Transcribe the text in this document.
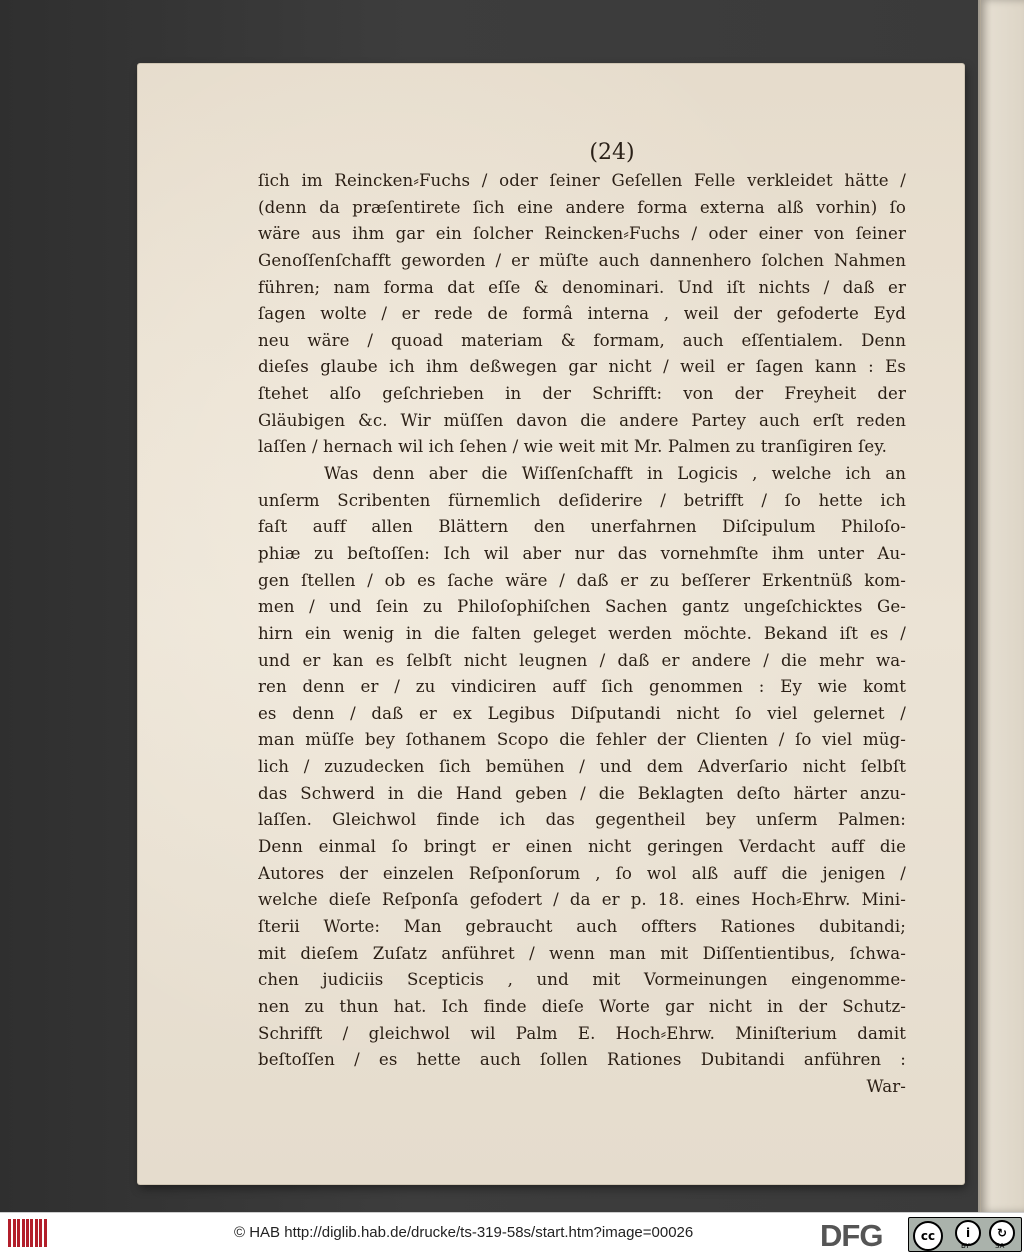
(24)
ſich im Reincken⸗Fuchs / oder ſeiner Geſellen Felle verkleidet hätte /
(denn da præſentirete ſich eine andere forma externa alß vorhin) ſo
wäre aus ihm gar ein ſolcher Reincken⸗Fuchs / oder einer von ſeiner
Genoſſenſchafft geworden / er müſte auch dannenhero ſolchen Nahmen
führen; nam forma dat eſſe & denominari. Und iſt nichts / daß er
ſagen wolte / er rede de formâ interna , weil der gefoderte Eyd
neu wäre / quoad materiam & formam, auch eſſentialem. Denn
dieſes glaube ich ihm deßwegen gar nicht / weil er ſagen kann : Es
ſtehet alſo geſchrieben in der Schrifft: von der Freyheit der
Gläubigen &c. Wir müſſen davon die andere Partey auch erſt reden
laſſen / hernach wil ich ſehen / wie weit mit Mr. Palmen zu tranſigiren ſey.
Was denn aber die Wiſſenſchafft in Logicis , welche ich an
unſerm Scribenten fürnemlich deſiderire / betrifft / ſo hette ich
faſt auff allen Blättern den unerfahrnen Diſcipulum Philoſo-
phiæ zu beſtoſſen: Ich wil aber nur das vornehmſte ihm unter Au-
gen ſtellen / ob es ſache wäre / daß er zu beſſerer Erkentnüß kom-
men / und ſein zu Philoſophiſchen Sachen gantz ungeſchicktes Ge-
hirn ein wenig in die falten geleget werden möchte. Bekand iſt es /
und er kan es ſelbſt nicht leugnen / daß er andere / die mehr wa-
ren denn er / zu vindiciren auff ſich genommen : Ey wie komt
es denn / daß er ex Legibus Diſputandi nicht ſo viel gelernet /
man müſſe bey ſothanem Scopo die fehler der Clienten / ſo viel müg-
lich / zuzudecken ſich bemühen / und dem Adverſario nicht ſelbſt
das Schwerd in die Hand geben / die Beklagten deſto härter anzu-
laſſen. Gleichwol finde ich das gegentheil bey unſerm Palmen:
Denn einmal ſo bringt er einen nicht geringen Verdacht auff die
Autores der einzelen Reſponſorum , ſo wol alß auff die jenigen /
welche dieſe Reſponſa gefodert / da er p. 18. eines Hoch⸗Ehrw. Mini-
ſterii Worte: Man gebraucht auch offters Rationes dubitandi;
mit dieſem Zuſatz anführet / wenn man mit Diſſentientibus, ſchwa-
chen judiciis Scepticis , und mit Vormeinungen eingenomme-
nen zu thun hat. Ich finde dieſe Worte gar nicht in der Schutz-
Schrifft / gleichwol wil Palm E. Hoch⸗Ehrw. Miniſterium damit
beſtoſſen / es hette auch ſollen Rationes Dubitandi anführen :
War-
© HAB http://diglib.hab.de/drucke/ts-319-58s/start.htm?image=00026	DFG	cc	i	↻
BY	SA
